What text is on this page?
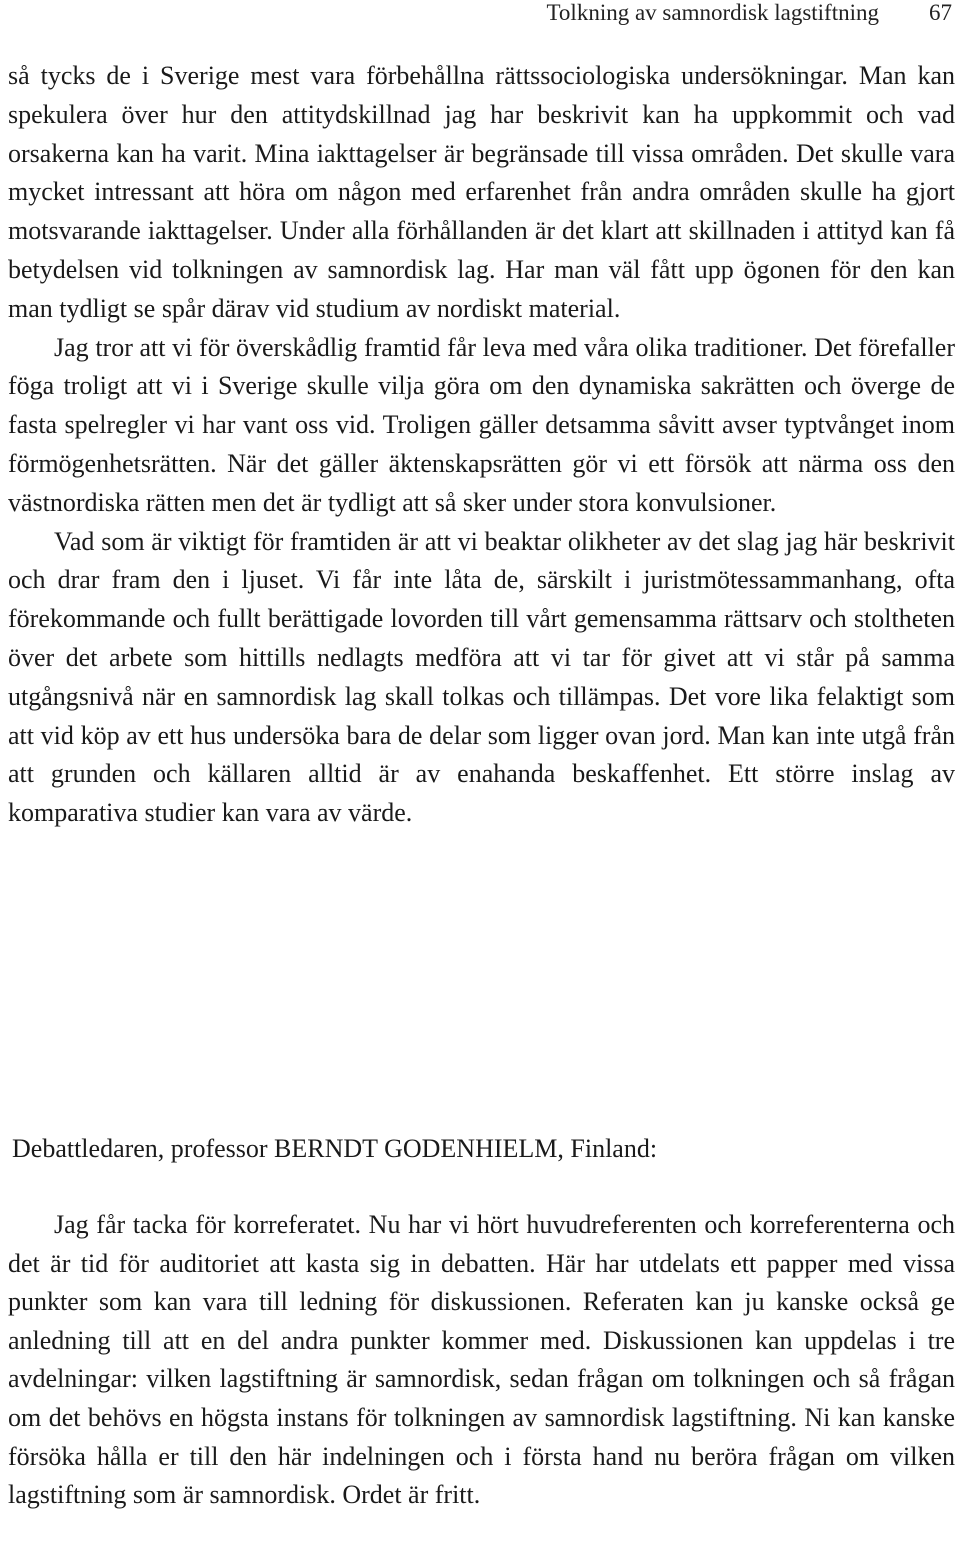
Tolkning av samnordisk lagstiftning 67

så tycks de i Sverige mest vara förbehållna rättssociologiska undersökningar. Man kan spekulera över hur den attitydskillnad jag har beskrivit kan ha uppkommit och vad orsakerna kan ha varit. Mina iakttagelser är begränsade till vissa områden. Det skulle vara mycket intressant att höra om någon med erfarenhet från andra områden skulle ha gjort motsvarande iakttagelser. Under alla förhållanden är det klart att skillnaden i attityd kan få betydelsen vid tolkningen av samnordisk lag. Har man väl fått upp ögonen för den kan man tydligt se spår därav vid studium av nordiskt material.

Jag tror att vi för överskådlig framtid får leva med våra olika traditioner. Det förefaller föga troligt att vi i Sverige skulle vilja göra om den dynamiska sakrätten och överge de fasta spelregler vi har vant oss vid. Troligen gäller detsamma såvitt avser typtvånget inom förmögenhetsrätten. När det gäller äktenskapsrätten gör vi ett försök att närma oss den västnordiska rätten men det är tydligt att så sker under stora konvulsioner.

Vad som är viktigt för framtiden är att vi beaktar olikheter av det slag jag här beskrivit och drar fram den i ljuset. Vi får inte låta de, särskilt i juristmötessammanhang, ofta förekommande och fullt berättigade lovorden till vårt gemensamma rättsarv och stoltheten över det arbete som hittills nedlagts medföra att vi tar för givet att vi står på samma utgångsnivå när en samnordisk lag skall tolkas och tillämpas. Det vore lika felaktigt som att vid köp av ett hus undersöka bara de delar som ligger ovan jord. Man kan inte utgå från att grunden och källaren alltid är av enahanda beskaffenhet. Ett större inslag av komparativa studier kan vara av värde.

Debattledaren, professor BERNDT GODENHIELM, Finland:

Jag får tacka för korreferatet. Nu har vi hört huvudreferenten och korreferenterna och det är tid för auditoriet att kasta sig in debatten. Här har utdelats ett papper med vissa punkter som kan vara till ledning för diskussionen. Referaten kan ju kanske också ge anledning till att en del andra punkter kommer med. Diskussionen kan uppdelas i tre avdelningar: vilken lagstiftning är samnordisk, sedan frågan om tolkningen och så frågan om det behövs en högsta instans för tolkningen av samnordisk lagstiftning. Ni kan kanske försöka hålla er till den här indelningen och i första hand nu beröra frågan om vilken lagstiftning som är samnordisk. Ordet är fritt.
